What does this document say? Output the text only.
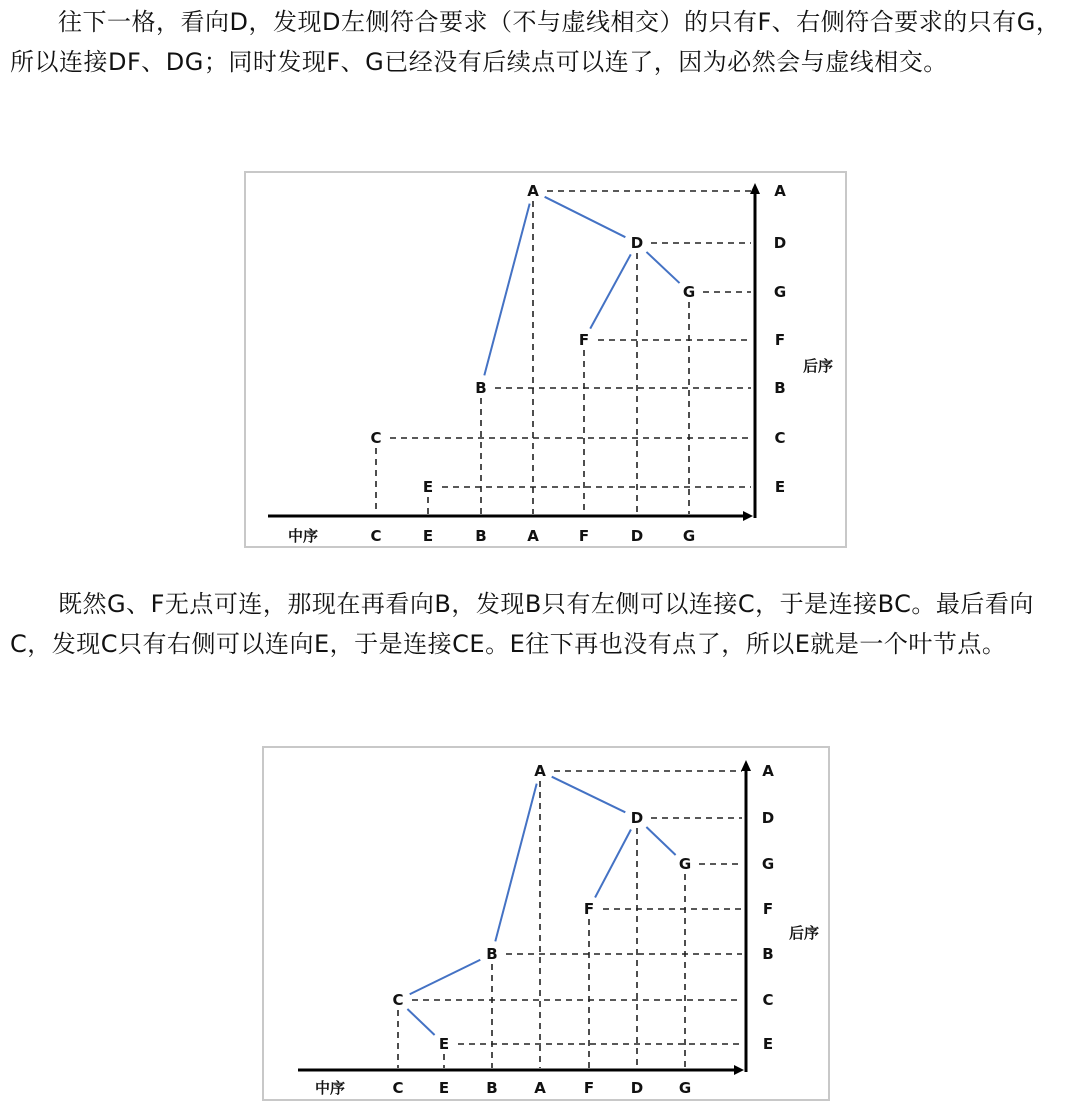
往下一格，看向D，发现D左侧符合要求（不与虚线相交）的只有F、右侧符合要求的只有G，所以连接DF、DG；同时发现F、G已经没有后续点可以连了，因为必然会与虚线相交。

C
E
B
A
F
D
G
C	E	B	A	F	D	G
A
D
G
F
B
C
E
中序
后序

既然G、F无点可连，那现在再看向B，发现B只有左侧可以连接C，于是连接BC。最后看向C，发现C只有右侧可以连向E，于是连接CE。E往下再也没有点了，所以E就是一个叶节点。

C
E
B
A
F
D
G
C E B A	F D G
A
D
G
F
B
C
E
中序
后序
